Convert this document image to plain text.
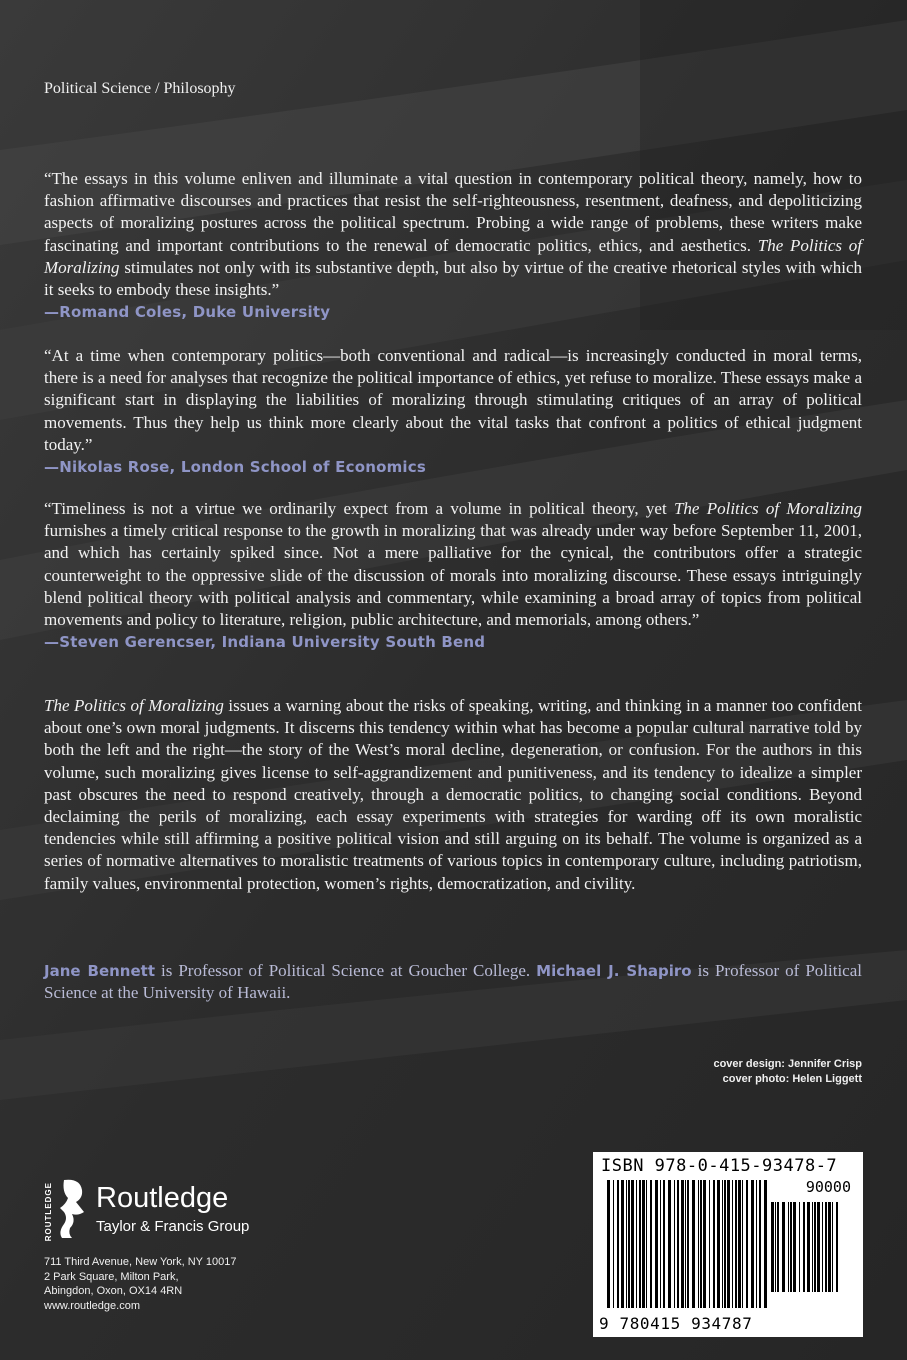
Political Science / Philosophy

“The essays in this volume enliven and illuminate a vital question in contemporary political theory, namely, how to fashion affirmative discourses and practices that resist the self-righteousness, resentment, deafness, and depoliticizing aspects of moralizing postures across the political spectrum. Probing a wide range of problems, these writers make fascinating and important contributions to the renewal of democratic politics, ethics, and aesthetics. The Politics of Moralizing stimulates not only with its substantive depth, but also by virtue of the creative rhetorical styles with which it seeks to embody these insights.”

—Romand Coles, Duke University

“At a time when contemporary politics—both conventional and radical—is increasingly conducted in moral terms, there is a need for analyses that recognize the political importance of ethics, yet refuse to moralize. These essays make a significant start in displaying the liabilities of moralizing through stimulating critiques of an array of political movements. Thus they help us think more clearly about the vital tasks that confront a politics of ethical judgment today.”

—Nikolas Rose, London School of Economics

“Timeliness is not a virtue we ordinarily expect from a volume in political theory, yet The Politics of Moralizing furnishes a timely critical response to the growth in moralizing that was already under way before September 11, 2001, and which has certainly spiked since. Not a mere palliative for the cynical, the contributors offer a strategic counterweight to the oppressive slide of the discussion of morals into moralizing discourse. These essays intriguingly blend political theory with political analysis and commentary, while examining a broad array of topics from political movements and policy to literature, religion, public architecture, and memorials, among others.”

—Steven Gerencser, Indiana University South Bend

The Politics of Moralizing issues a warning about the risks of speaking, writing, and thinking in a manner too confident about one’s own moral judgments. It discerns this tendency within what has become a popular cultural narrative told by both the left and the right—the story of the West’s moral decline, degeneration, or confusion. For the authors in this volume, such moralizing gives license to self-aggrandizement and punitiveness, and its tendency to idealize a simpler past obscures the need to respond creatively, through a democratic politics, to changing social conditions. Beyond declaiming the perils of moralizing, each essay experiments with strategies for warding off its own moralistic tendencies while still affirming a positive political vision and still arguing on its behalf. The volume is organized as a series of normative alternatives to moralistic treatments of various topics in contemporary culture, including patriotism, family values, environmental protection, women’s rights, democratization, and civility.

Jane Bennett is Professor of Political Science at Goucher College. Michael J. Shapiro is Professor of Political Science at the University of Hawaii.

cover design: Jennifer Crisp
cover photo: Helen Liggett
ROUTLEDGE Routledge
Taylor & Francis Group
711 Third Avenue, New York, NY 10017
2 Park Square, Milton Park,
Abingdon, Oxon, OX14 4RN
www.routledge.com
ISBN 978-0-415-93478-7
90000
9 780415 934787
